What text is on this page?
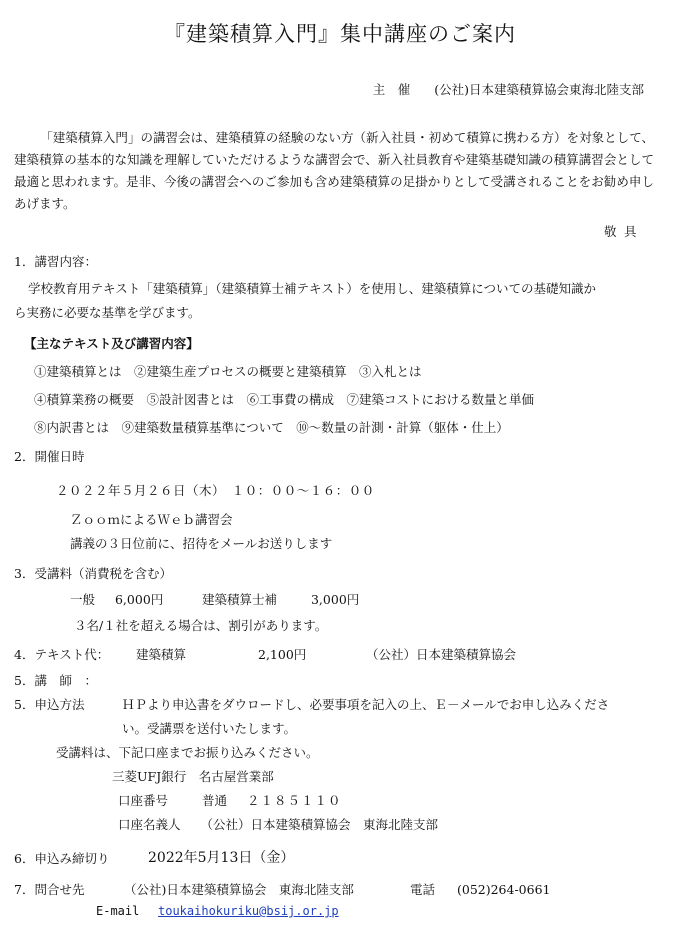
『建築積算入門』集中講座のご案内
主　催 (公社)日本建築積算協会東海北陸支部
「建築積算入門」の講習会は、建築積算の経験のない方（新入社員・初めて積算に携わる方）を対象として、建築積算の基本的な知識を理解していただけるような講習会で、新入社員教育や建築基礎知識の積算講習会として最適と思われます。是非、今後の講習会へのご参加も含め建築積算の足掛かりとして受講されることをお勧め申しあげます。
敬具
1．講習内容：
学校教育用テキスト「建築積算」（建築積算士補テキスト）を使用し、建築積算についての基礎知識か
ら実務に必要な基準を学びます。
【主なテキスト及び講習内容】
①建築積算とは　②建築生産プロセスの概要と建築積算　③入札とは
④積算業務の概要　⑤設計図書とは　⑥工事費の構成　⑦建築コストにおける数量と単価
⑧内訳書とは　⑨建築数量積算基準について　⑩～数量の計測・計算（躯体・仕上）
2．開催日時
２０２２年５月２６日（木）　１０：００～１６：００
ＺｏｏｍによるＷｅｂ講習会
講義の３日位前に、招待をメールお送りします
3．受講料（消費税を含む）
一般 6,000円	建築積算士補	3,000円
３名/１社を超える場合は、割引があります。
4．テキスト代： 建築積算	2,100円	（公社）日本建築積算協会
5．講　師　：
5．申込方法	ＨＰより申込書をダウロードし、必要事項を記入の上、Ｅ－メールでお申し込みくださ
い。受講票を送付いたします。
受講料は、下記口座までお振り込みください。
三菱UFJ銀行　名古屋営業部
口座番号	普通 ２１８５１１０
口座名義人 （公社）日本建築積算協会　東海北陸支部
6．申込み締切り	2022年5月13日（金）
7．問合せ先	（公社)日本建築積算協会　東海北陸支部	電話 (052)264-0661
E-mail toukaihokuriku@bsij.or.jp
